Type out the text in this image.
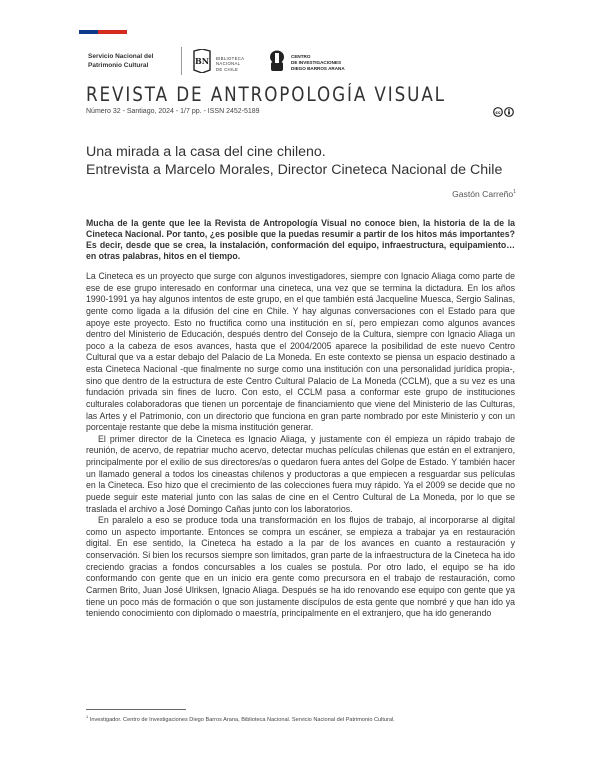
Servicio Nacional del
Patrimonio Cultural	BN BIBLIOTECA
NACIONAL
DE CHILE
CENTRO
DE INVESTIGACIONES
DIEGO BARROS ARANA
REVISTA DE ANTROPOLOGÍA VISUAL
Número 32 - Santiago, 2024 - 1/7 pp. - ISSN 2452-5189	cc
Una mirada a la casa del cine chileno.
Entrevista a Marcelo Morales, Director Cineteca Nacional de Chile
Gastón Carreño$^1$
Mucha de la gente que lee la Revista de Antropología Visual no conoce bien, la historia de la de la Cineteca Nacional. Por tanto, ¿es posible que la puedas resumir a partir de los hitos más importantes? Es decir, desde que se crea, la instalación, conformación del equipo, infraestructura, equipamiento… en otras palabras, hitos en el tiempo.

La Cineteca es un proyecto que surge con algunos investigadores, siempre con Ignacio Aliaga como parte de ese de ese grupo interesado en conformar una cineteca, una vez que se termina la dictadura. En los años 1990-1991 ya hay algunos intentos de este grupo, en el que también está Jacqueline Muesca, Sergio Salinas, gente como ligada a la difusión del cine en Chile. Y hay algunas conversaciones con el Estado para que apoye este proyecto. Esto no fructifica como una institución en sí, pero empiezan como algunos avances dentro del Ministerio de Educación, después dentro del Consejo de la Cultura, siempre con Ignacio Aliaga un poco a la cabeza de esos avances, hasta que el 2004/2005 aparece la posibilidad de este nuevo Centro Cultural que va a estar debajo del Palacio de La Moneda. En este contexto se piensa un espacio destinado a esta Cineteca Nacional -que finalmente no surge como una institución con una personalidad jurídica propia-, sino que dentro de la estructura de este Centro Cultural Palacio de La Moneda (CCLM), que a su vez es una fundación privada sin fines de lucro. Con esto, el CCLM pasa a conformar este grupo de instituciones culturales colaboradoras que tienen un porcentaje de financiamiento que viene del Ministerio de las Culturas, las Artes y el Patrimonio, con un directorio que funciona en gran parte nombrado por este Ministerio y con un porcentaje restante que debe la misma institución generar.

El primer director de la Cineteca es Ignacio Aliaga, y justamente con él empieza un rápido trabajo de reunión, de acervo, de repatriar mucho acervo, detectar muchas películas chilenas que están en el extranjero, principalmente por el exilio de sus directores/as o quedaron fuera antes del Golpe de Estado. Y también hacer un llamado general a todos los cineastas chilenos y productoras a que empiecen a resguardar sus películas en la Cineteca. Eso hizo que el crecimiento de las colecciones fuera muy rápido. Ya el 2009 se decide que no puede seguir este material junto con las salas de cine en el Centro Cultural de La Moneda, por lo que se traslada el archivo a José Domingo Cañas junto con los laboratorios.

En paralelo a eso se produce toda una transformación en los flujos de trabajo, al incorporarse al digital como un aspecto importante. Entonces se compra un escáner, se empieza a trabajar ya en restauración digital. En ese sentido, la Cineteca ha estado a la par de los avances en cuanto a restauración y conservación. Si bien los recursos siempre son limitados, gran parte de la infraestructura de la Cineteca ha ido creciendo gracias a fondos concursables a los cuales se postula. Por otro lado, el equipo se ha ido conformando con gente que en un inicio era gente como precursora en el trabajo de restauración, como Carmen Brito, Juan José Ulriksen, Ignacio Aliaga. Después se ha ido renovando ese equipo con gente que ya tiene un poco más de formación o que son justamente discípulos de esta gente que nombré y que han ido ya teniendo conocimiento con diplomado o maestría, principalmente en el extranjero, que ha ido generando

$^1$ Investigador. Centro de Investigaciones Diego Barros Arana, Biblioteca Nacional. Servicio Nacional del Patrimonio Cultural.
